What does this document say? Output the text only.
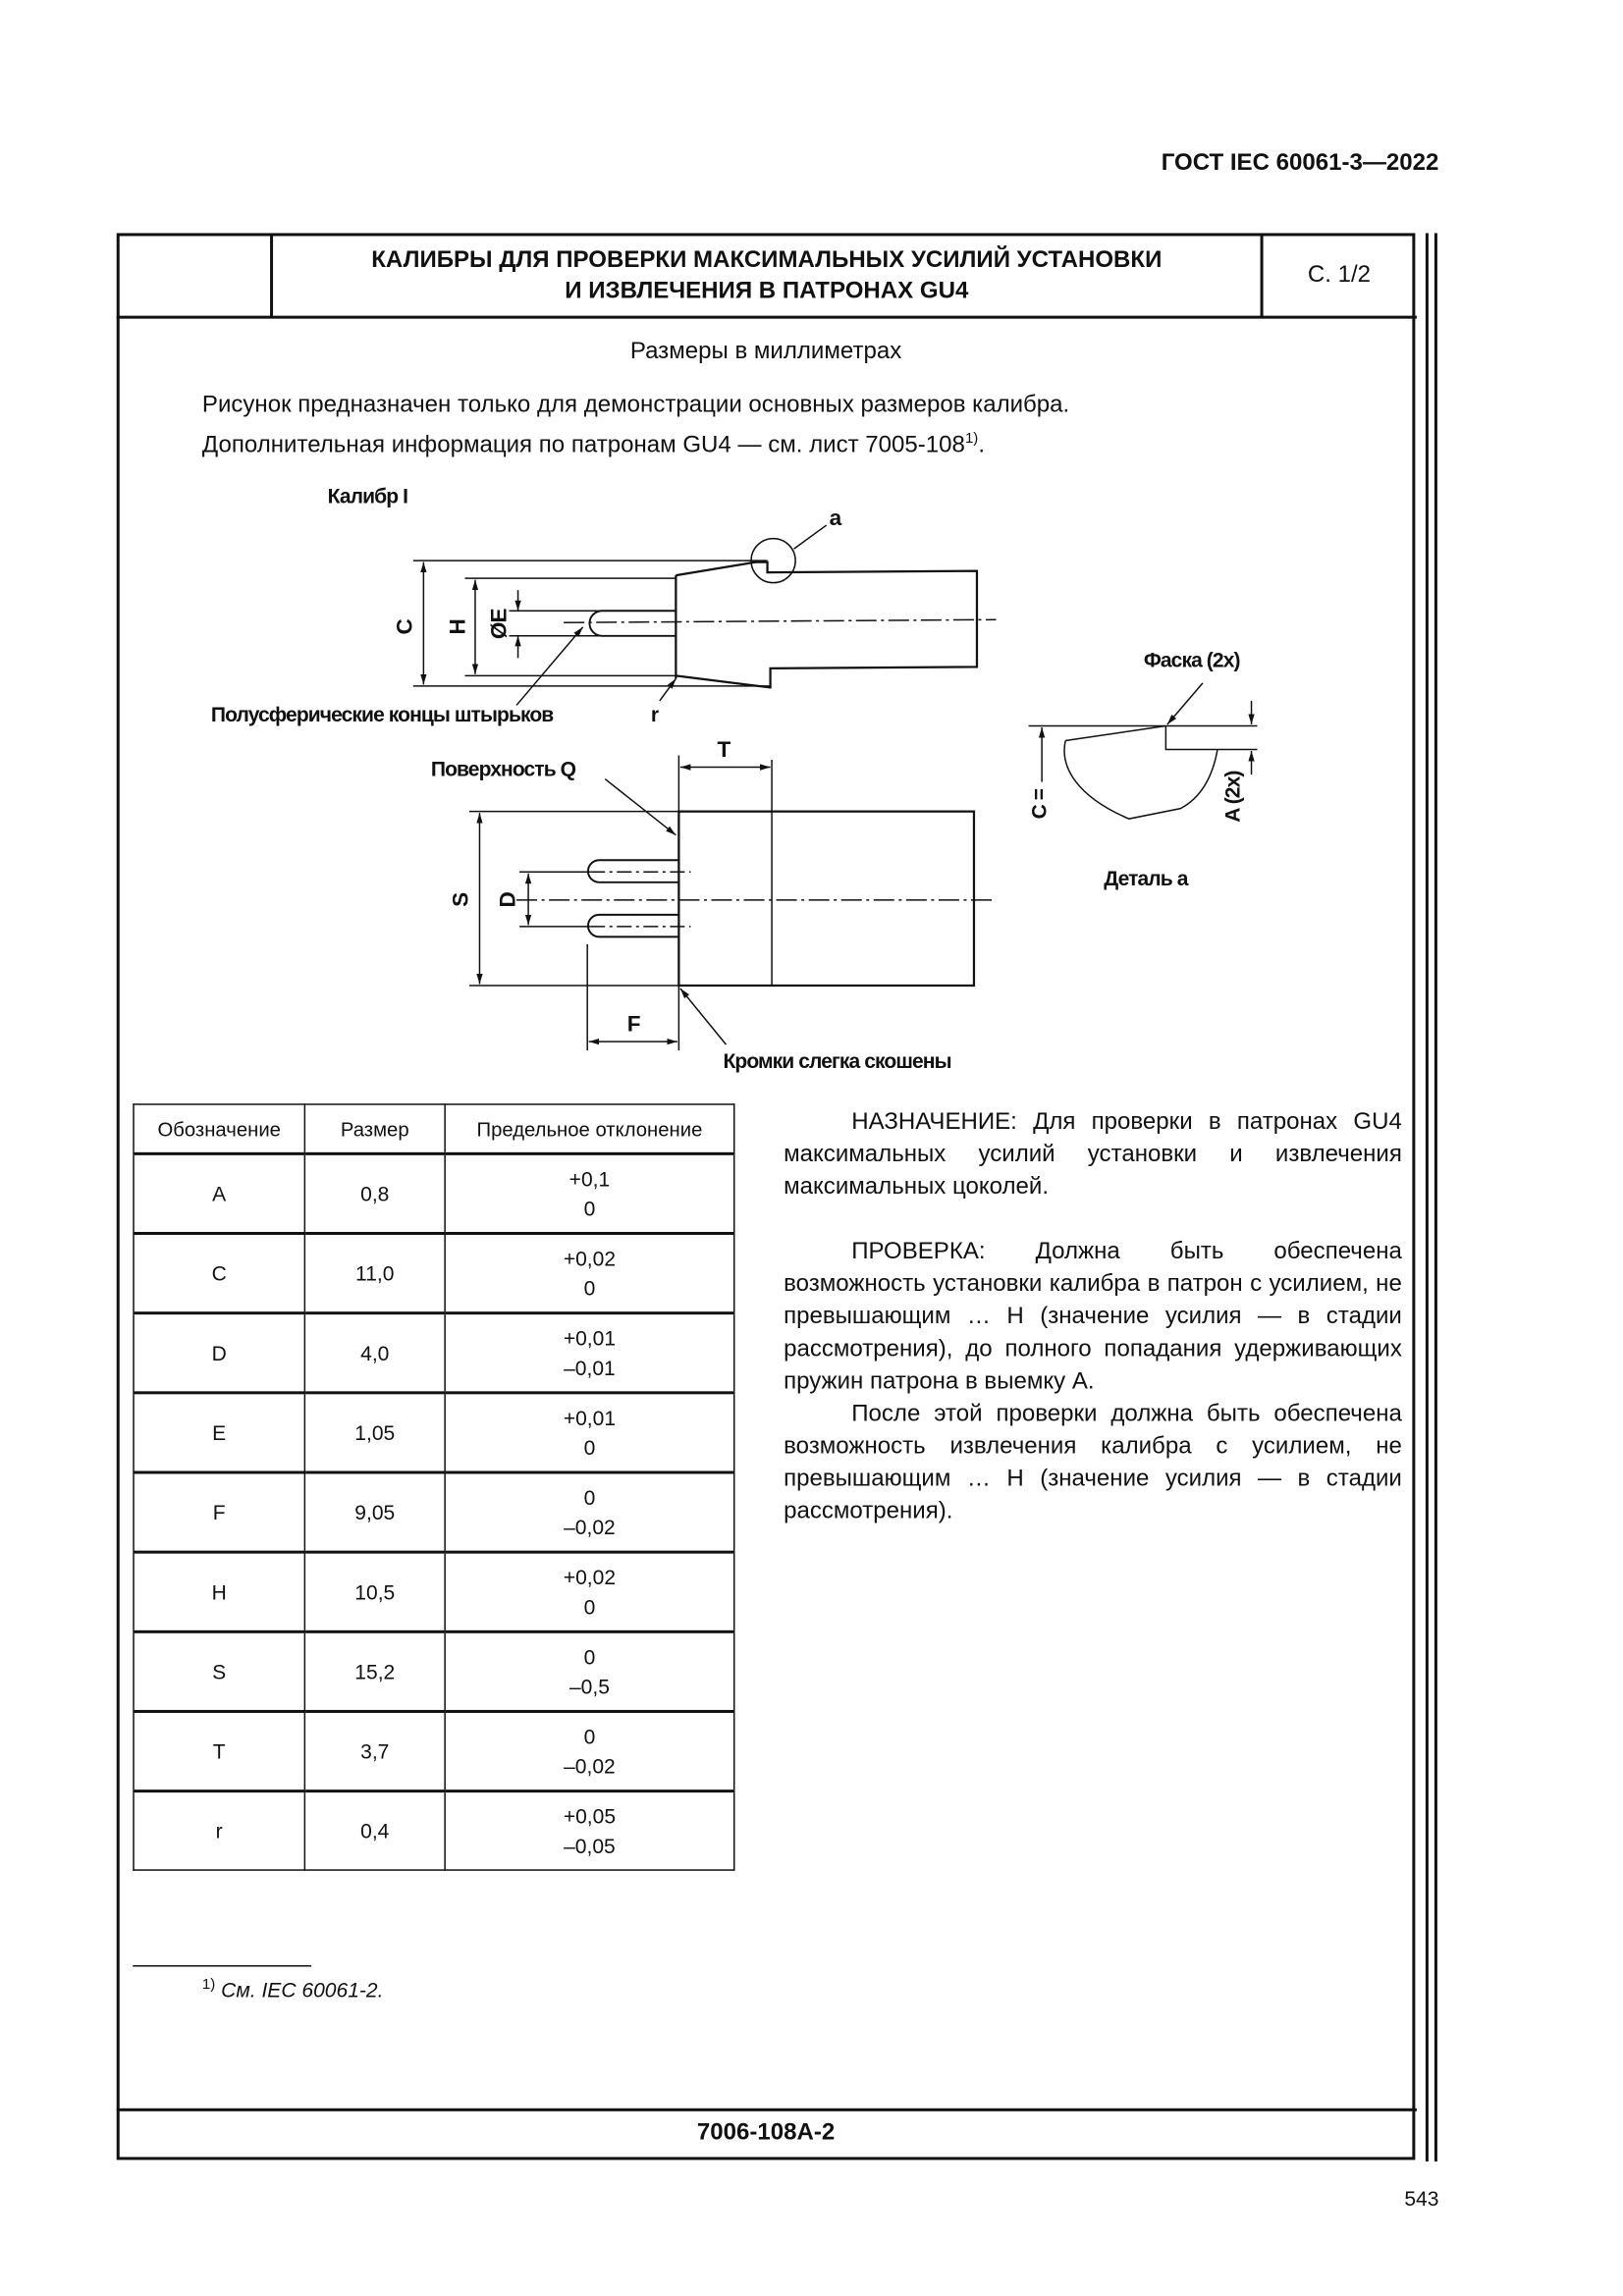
ГОСТ IEC 60061-3—2022
КАЛИБРЫ ДЛЯ ПРОВЕРКИ МАКСИМАЛЬНЫХ УСИЛИЙ УСТАНОВКИ
И ИЗВЛЕЧЕНИЯ В ПАТРОНАХ GU4
С. 1/2
Размеры в миллиметрах
Рисунок предназначен только для демонстрации основных размеров калибра.
Дополнительная информация по патронам GU4 — см. лист 7005-108$^{1)}$.
Калибр I
a
C H ØE
r
Полусферические концы штырьков
Поверхность Q
T
S D
F
Кромки слегка скошены
Фаска (2x)
C =	A (2x)
Деталь a
Обозначение	Размер	Предельное отклонение
A	0,8	+0,1
0

C	11,0	+0,02
0

D	4,0	+0,01
–0,01

E	1,05	+0,01
0

F	9,05	0
–0,02

H	10,5	+0,02
0

S	15,2	0
–0,5

T	3,7	0
–0,02

r	0,4	+0,05
–0,05

НАЗНАЧЕНИЕ: Для проверки в патронах GU4 максимальных усилий установки и извлечения максимальных цоколей.

ПРОВЕРКА: Должна быть обеспечена возможность установки калибра в патрон с усилием, не превышающим … Н (значение усилия — в стадии рассмотрения), до полного попадания удерживающих пружин патрона в выемку А.

После этой проверки должна быть обеспечена возможность извлечения калибра с усилием, не превышающим … Н (значение усилия — в стадии рассмотрения).

$^{1)}$ См. IEC 60061-2.
7006-108A-2
543
